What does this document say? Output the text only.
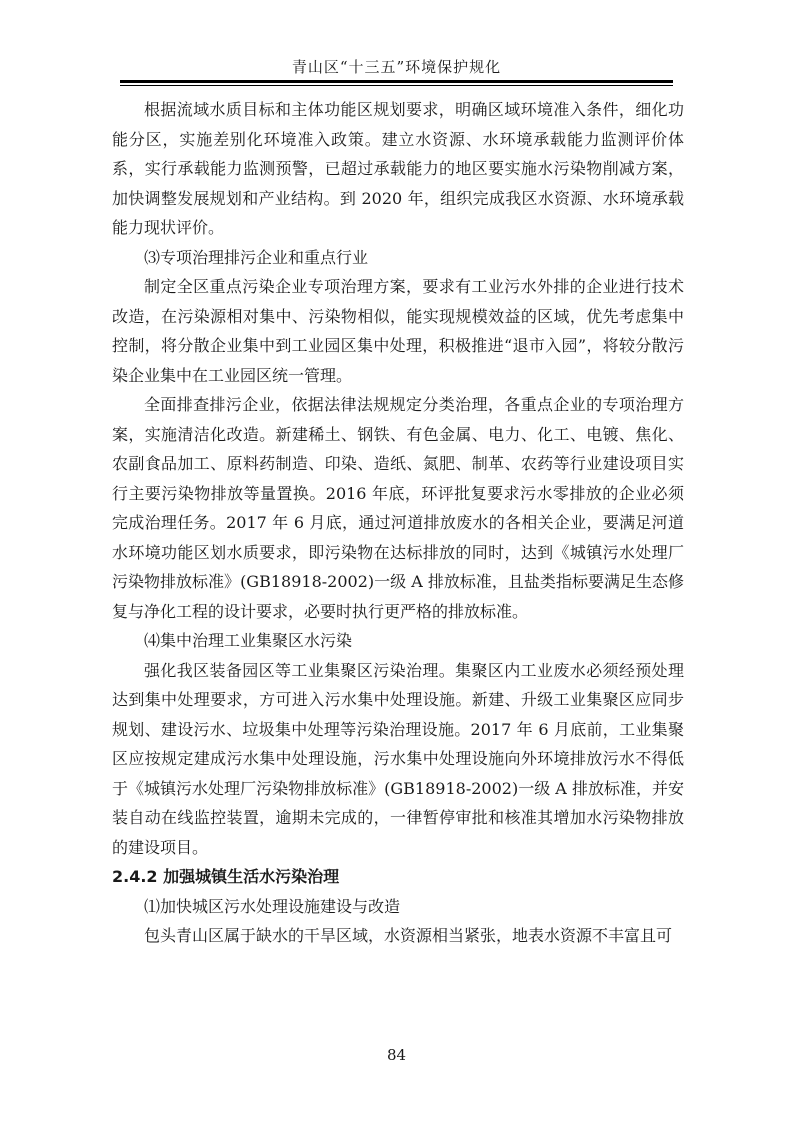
青山区“十三五”环境保护规化

根据流域水质目标和主体功能区规划要求，明确区域环境准入条件，细化功能分区，实施差别化环境准入政策。建立水资源、水环境承载能力监测评价体系，实行承载能力监测预警，已超过承载能力的地区要实施水污染物削减方案，加快调整发展规划和产业结构。到 2020 年，组织完成我区水资源、水环境承载能力现状评价。

⑶专项治理排污企业和重点行业

制定全区重点污染企业专项治理方案，要求有工业污水外排的企业进行技术改造，在污染源相对集中、污染物相似，能实现规模效益的区域，优先考虑集中控制，将分散企业集中到工业园区集中处理，积极推进“退市入园”，将较分散污染企业集中在工业园区统一管理。

全面排查排污企业，依据法律法规规定分类治理，各重点企业的专项治理方案，实施清洁化改造。新建稀土、钢铁、有色金属、电力、化工、电镀、焦化、农副食品加工、原料药制造、印染、造纸、氮肥、制革、农药等行业建设项目实行主要污染物排放等量置换。2016 年底，环评批复要求污水零排放的企业必须完成治理任务。2017 年 6 月底，通过河道排放废水的各相关企业，要满足河道水环境功能区划水质要求，即污染物在达标排放的同时，达到《城镇污水处理厂污染物排放标准》(GB18918-2002)一级 A 排放标准，且盐类指标要满足生态修复与净化工程的设计要求，必要时执行更严格的排放标准。

⑷集中治理工业集聚区水污染

强化我区装备园区等工业集聚区污染治理。集聚区内工业废水必须经预处理达到集中处理要求，方可进入污水集中处理设施。新建、升级工业集聚区应同步规划、建设污水、垃圾集中处理等污染治理设施。2017 年 6 月底前，工业集聚区应按规定建成污水集中处理设施，污水集中处理设施向外环境排放污水不得低于《城镇污水处理厂污染物排放标准》(GB18918-2002)一级 A 排放标准，并安装自动在线监控装置，逾期未完成的，一律暂停审批和核准其增加水污染物排放的建设项目。

2.4.2 加强城镇生活水污染治理

⑴加快城区污水处理设施建设与改造

包头青山区属于缺水的干旱区域，水资源相当紧张，地表水资源不丰富且可

84
